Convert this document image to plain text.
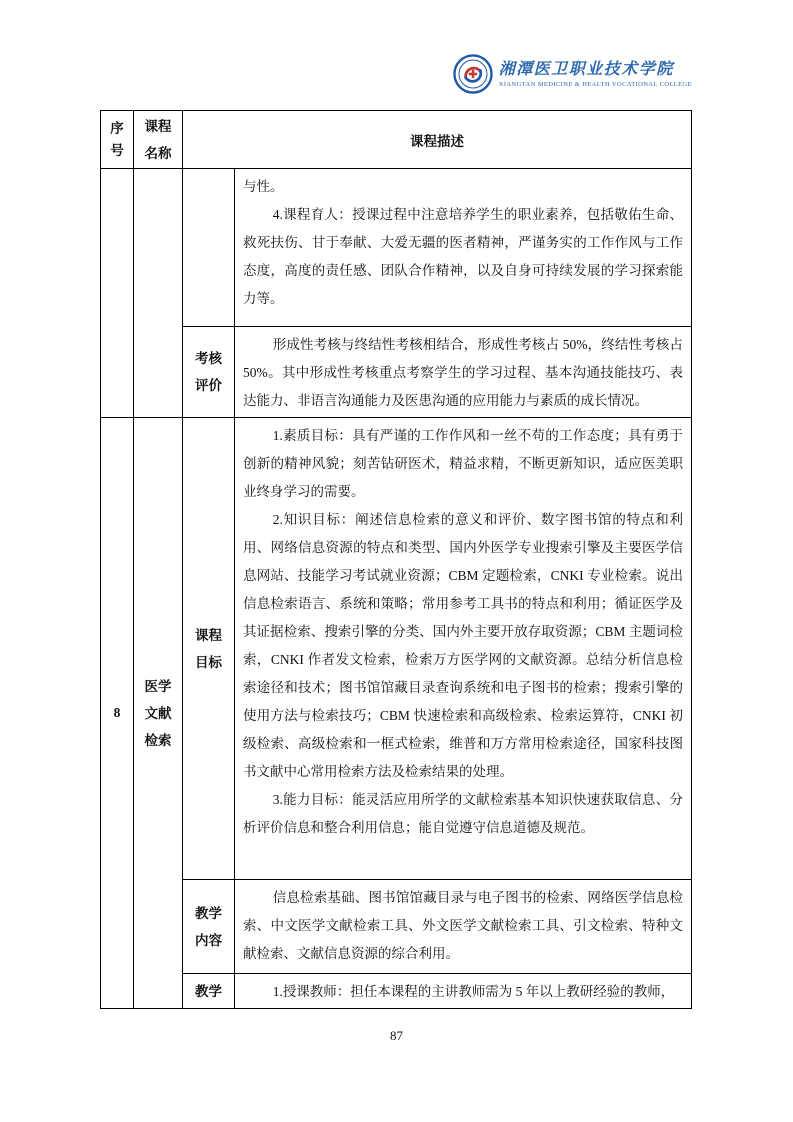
湘潭医卫职业技术学院
XIANGTAN MEDICINE & HEALTH VOCATIONAL COLLEGE
序号	课程名称	课程描述	

			与性。

4.课程育人：授课过程中注意培养学生的职业素养，包括敬佑生命、救死扶伤、甘于奉献、大爱无疆的医者精神，严谨务实的工作作风与工作态度，高度的责任感、团队合作精神，以及自身可持续发展的学习探索能力等。

		考核评价	形成性考核与终结性考核相结合，形成性考核占 50%，终结性考核占 50%。其中形成性考核重点考察学生的学习过程、基本沟通技能技巧、表达能力、非语言沟通能力及医患沟通的应用能力与素质的成长情况。

8	医学文献检索	课程目标	1.素质目标：具有严谨的工作作风和一丝不苟的工作态度；具有勇于创新的精神风貌；刻苦钻研医术，精益求精，不断更新知识，适应医美职业终身学习的需要。

2.知识目标：阐述信息检索的意义和评价、数字图书馆的特点和利用、网络信息资源的特点和类型、国内外医学专业搜索引擎及主要医学信息网站、技能学习考试就业资源；CBM 定题检索，CNKI 专业检索。说出信息检索语言、系统和策略；常用参考工具书的特点和利用；循证医学及其证据检索、搜索引擎的分类、国内外主要开放存取资源；CBM 主题词检索，CNKI 作者发文检索，检索万方医学网的文献资源。总结分析信息检索途径和技术；图书馆馆藏目录查询系统和电子图书的检索；搜索引擎的使用方法与检索技巧；CBM 快速检索和高级检索、检索运算符，CNKI 初级检索、高级检索和一框式检索，维普和万方常用检索途径，国家科技图书文献中心常用检索方法及检索结果的处理。

3.能力目标：能灵活应用所学的文献检索基本知识快速获取信息、分析评价信息和整合利用信息；能自觉遵守信息道德及规范。

		教学内容	信息检索基础、图书馆馆藏目录与电子图书的检索、网络医学信息检索、中文医学文献检索工具、外文医学文献检索工具、引文检索、特种文献检索、文献信息资源的综合利用。

		教学	1.授课教师：担任本课程的主讲教师需为 5 年以上教研经验的教师，

87
